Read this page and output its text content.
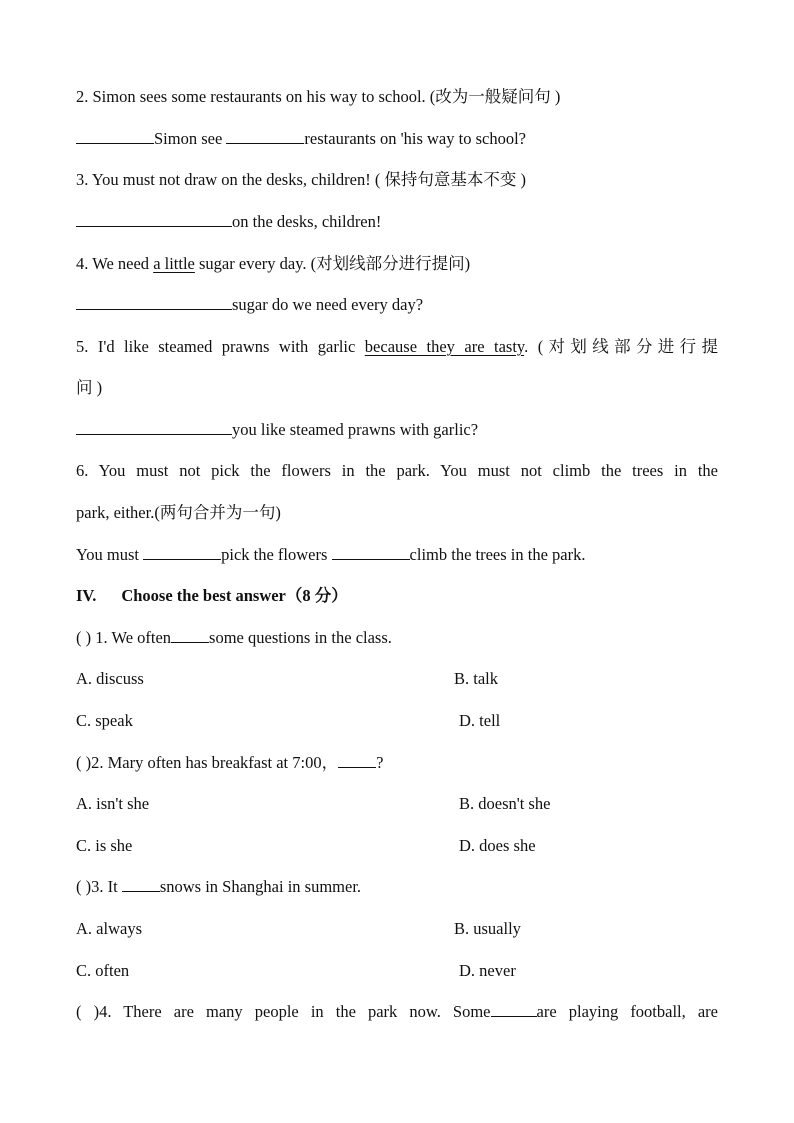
2. Simon sees some restaurants on his way to school. (改为一般疑问句 )
Simon see	restaurants on 'his way to school?
3. You must not draw on the desks, children! ( 保持句意基本不变 )
on the desks, children!
4. We need a little sugar every day. (对划线部分进行提问)
sugar do we need every day?
5. I'd like steamed prawns with garlic because they are tasty. (对划线部分进行提
问 )
you like steamed prawns with garlic?
6. You must not pick the flowers in the park. You must not climb the trees in the
park, either.(两句合并为一句)
You must	pick the flowers	climb the trees in the park.
IV. Choose the best answer（8 分）
( ) 1. We often some questions in the class.
A. discuss	B. talk
C. speak	D. tell
( )2. Mary often has breakfast at 7:00， ?
A. isn't she	B. doesn't she
C. is she	D. does she
( )3. It snows in Shanghai in summer.
A. always	B. usually
C. often	D. never
( )4. There are many people in the park now. Some	are playing football, are
